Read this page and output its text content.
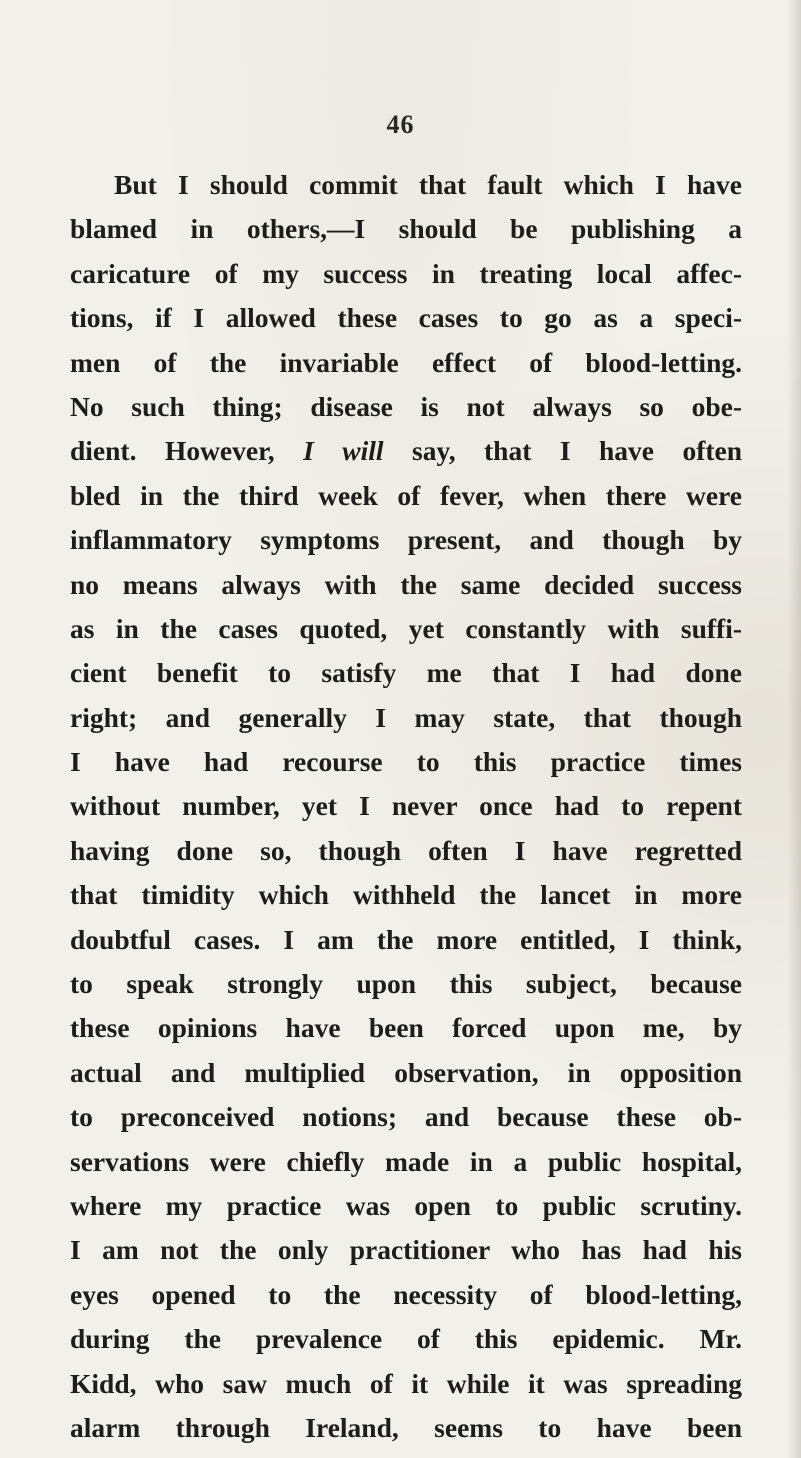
46
But I should commit that fault which I have
blamed in others,—I should be publishing a
caricature of my success in treating local affec-
tions, if I allowed these cases to go as a speci-
men of the invariable effect of blood-letting.
No such thing; disease is not always so obe-
dient. However, I will say, that I have often
bled in the third week of fever, when there were
inflammatory symptoms present, and though by
no means always with the same decided success
as in the cases quoted, yet constantly with suffi-
cient benefit to satisfy me that I had done
right; and generally I may state, that though
I have had recourse to this practice times
without number, yet I never once had to repent
having done so, though often I have regretted
that timidity which withheld the lancet in more
doubtful cases. I am the more entitled, I think,
to speak strongly upon this subject, because
these opinions have been forced upon me, by
actual and multiplied observation, in opposition
to preconceived notions; and because these ob-
servations were chiefly made in a public hospital,
where my practice was open to public scrutiny.
I am not the only practitioner who has had his
eyes opened to the necessity of blood-letting,
during the prevalence of this epidemic. Mr.
Kidd, who saw much of it while it was spreading
alarm through Ireland, seems to have been
